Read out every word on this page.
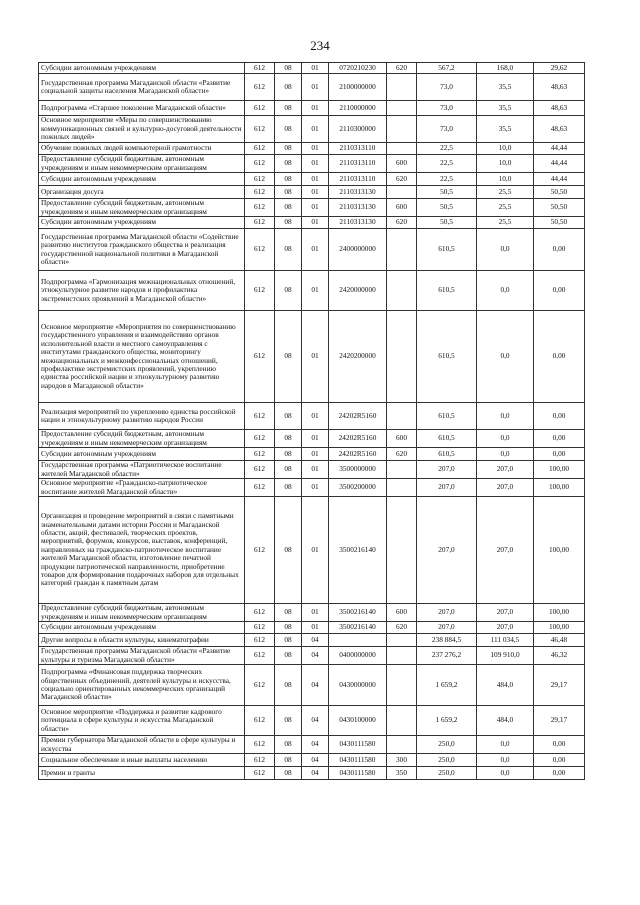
234
Субсидии автономным учреждениям	612	08	01	0720210230	620	567,2	168,0	29,62
Государственная программа Магаданской области «Развитие социальной защиты населения Магаданской области»	612	08	01	2100000000		73,0	35,5	48,63
Подпрограмма «Старшее поколение Магаданской области»	612	08	01	2110000000		73,0	35,5	48,63
Основное мероприятие «Меры по совершенствованию коммуникационных связей и культурно-досуговой деятельности пожилых людей»	612	08	01	2110300000		73,0	35,5	48,63
Обучение пожилых людей компьютерной грамотности	612	08	01	2110313110		22,5	10,0	44,44
Предоставление субсидий бюджетным, автономным учреждениям и иным некоммерческим организациям	612	08	01	2110313110	600	22,5	10,0	44,44
Субсидии автономным учреждениям	612	08	01	2110313110	620	22,5	10,0	44,44
Организация досуга	612	08	01	2110313130		50,5	25,5	50,50
Предоставление субсидий бюджетным, автономным учреждениям и иным некоммерческим организациям	612	08	01	2110313130	600	50,5	25,5	50,50
Субсидии автономным учреждениям	612	08	01	2110313130	620	50,5	25,5	50,50
Государственная программа Магаданской области «Содействие развитию институтов гражданского общества и реализация государственной национальной политики в Магаданской области»	612	08	01	2400000000		610,5	0,0	0,00
Подпрограмма «Гармонизация межнациональных отношений, этнокультурное развитие народов и профилактика экстремистских проявлений в Магаданской области»	612	08	01	2420000000		610,5	0,0	0,00
Основное мероприятие «Мероприятия по совершенствованию государственного управления и взаимодействию органов исполнительной власти и местного самоуправления с институтами гражданского общества, мониторингу межнациональных и межконфессиональных отношений, профилактике экстремистских проявлений, укреплению единства российской нации и этнокультурному развитию народов в Магаданской области»	612	08	01	2420200000		610,5	0,0	0,00
Реализация мероприятий по укреплению единства российской нации и этнокультурному развитию народов России	612	08	01	24202R5160		610,5	0,0	0,00
Предоставление субсидий бюджетным, автономным учреждениям и иным некоммерческим организациям	612	08	01	24202R5160	600	610,5	0,0	0,00
Субсидии автономным учреждениям	612	08	01	24202R5160	620	610,5	0,0	0,00
Государственная программа «Патриотическое воспитание жителей Магаданской области»	612	08	01	3500000000		207,0	207,0	100,00
Основное мероприятие «Гражданско-патриотическое воспитание жителей Магаданской области»	612	08	01	3500200000		207,0	207,0	100,00
Организация и проведение мероприятий в связи с памятными знаменательными датами истории России и Магаданской области, акций, фестивалей, творческих проектов, мероприятий, форумов, конкурсов, выставок, конференций, направленных на гражданско-патриотическое воспитание жителей Магаданской области, изготовление печатной продукции патриотической направленности, приобретение товаров для формирования подарочных наборов для отдельных категорий граждан к памятным датам	612	08	01	3500216140		207,0	207,0	100,00
Предоставление субсидий бюджетным, автономным учреждениям и иным некоммерческим организациям	612	08	01	3500216140	600	207,0	207,0	100,00
Субсидии автономным учреждениям	612	08	01	3500216140	620	207,0	207,0	100,00
Другие вопросы в области культуры, кинематографии	612	08	04			238 884,5	111 034,5	46,48
Государственная программа Магаданской области «Развитие культуры и туризма Магаданской области»	612	08	04	0400000000		237 276,2	109 910,0	46,32
Подпрограмма «Финансовая поддержка творческих общественных объединений, деятелей культуры и искусства, социально ориентированных некоммерческих организаций Магаданской области»	612	08	04	0430000000		1 659,2	484,0	29,17
Основное мероприятие «Поддержка и развитие кадрового потенциала в сфере культуры и искусства Магаданской области»	612	08	04	0430100000		1 659,2	484,0	29,17
Премии губернатора Магаданской области в сфере культуры и искусства	612	08	04	0430111580		250,0	0,0	0,00
Социальное обеспечение и иные выплаты населению	612	08	04	0430111580	300	250,0	0,0	0,00
Премии и гранты	612	08	04	0430111580	350	250,0	0,0	0,00
